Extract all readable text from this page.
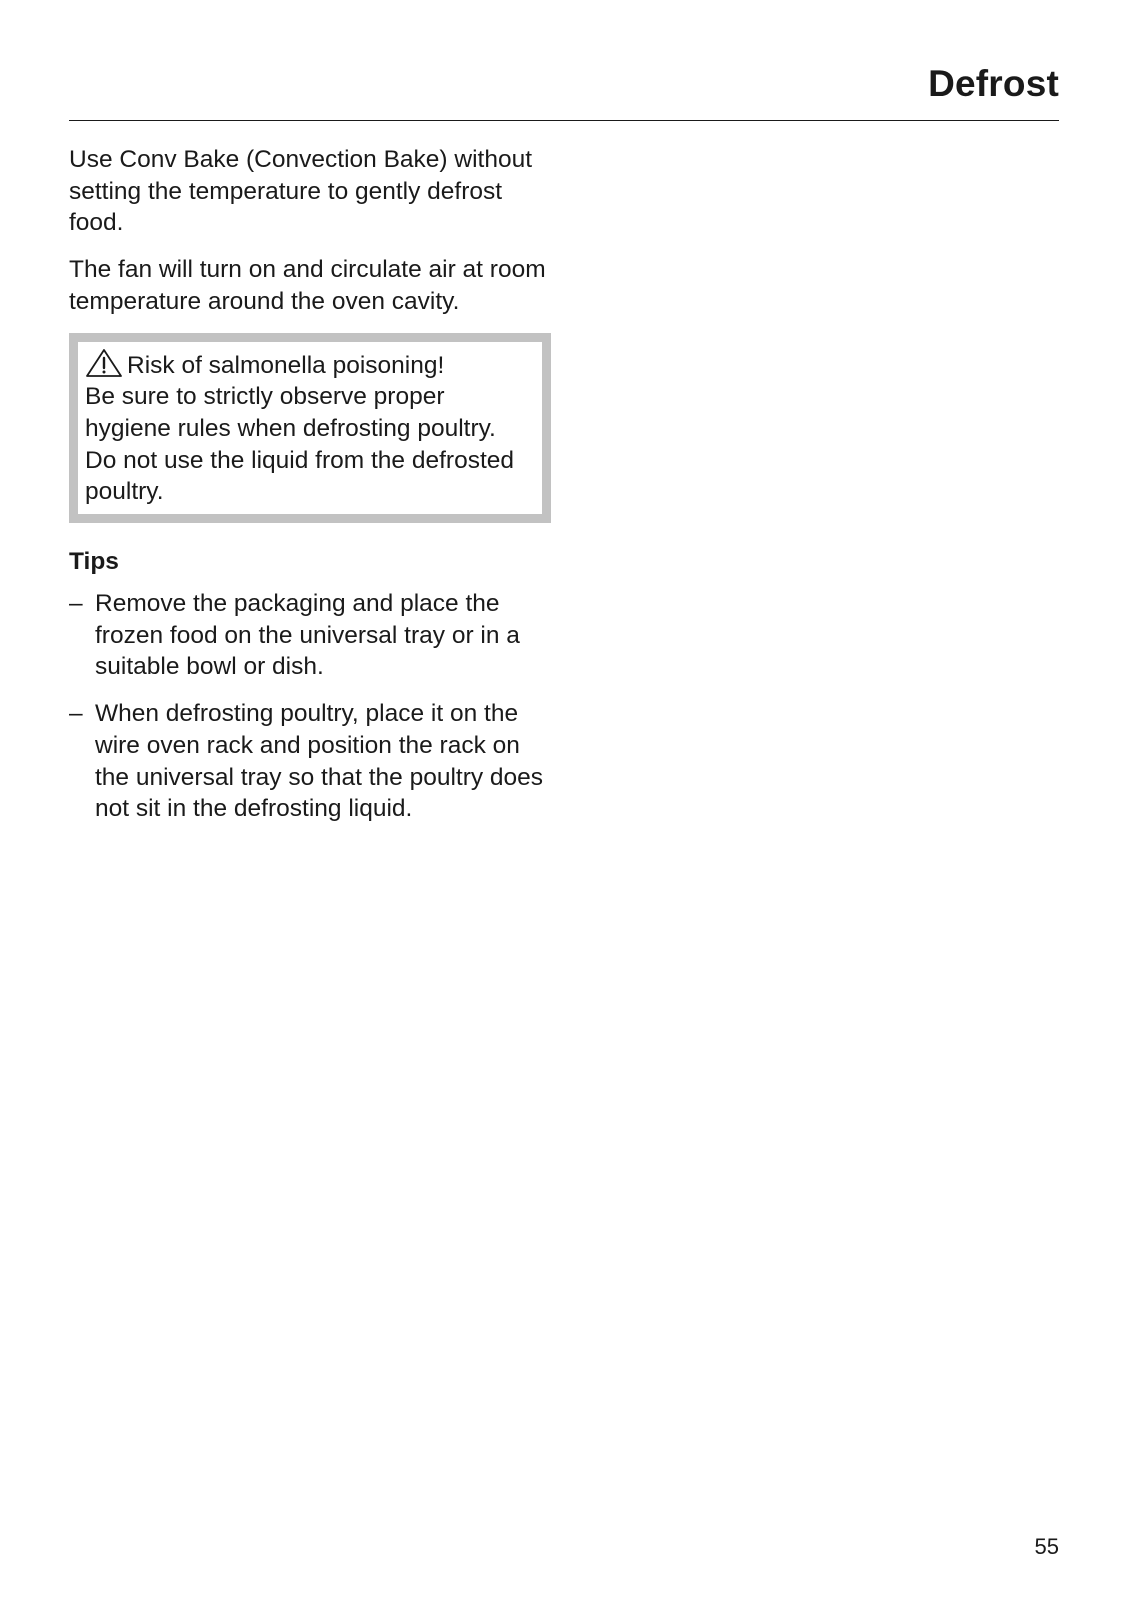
Defrost

Use Conv Bake (Convection Bake) without setting the temperature to gently defrost food.

The fan will turn on and circulate air at room temperature around the oven cavity.

Risk of salmonella poisoning!
Be sure to strictly observe proper hygiene rules when defrosting poultry.
Do not use the liquid from the defrosted poultry.
Tips
– Remove the packaging and place the frozen food on the universal tray or in a suitable bowl or dish.
– When defrosting poultry, place it on the wire oven rack and position the rack on the universal tray so that the poultry does not sit in the defrosting liquid.
55
